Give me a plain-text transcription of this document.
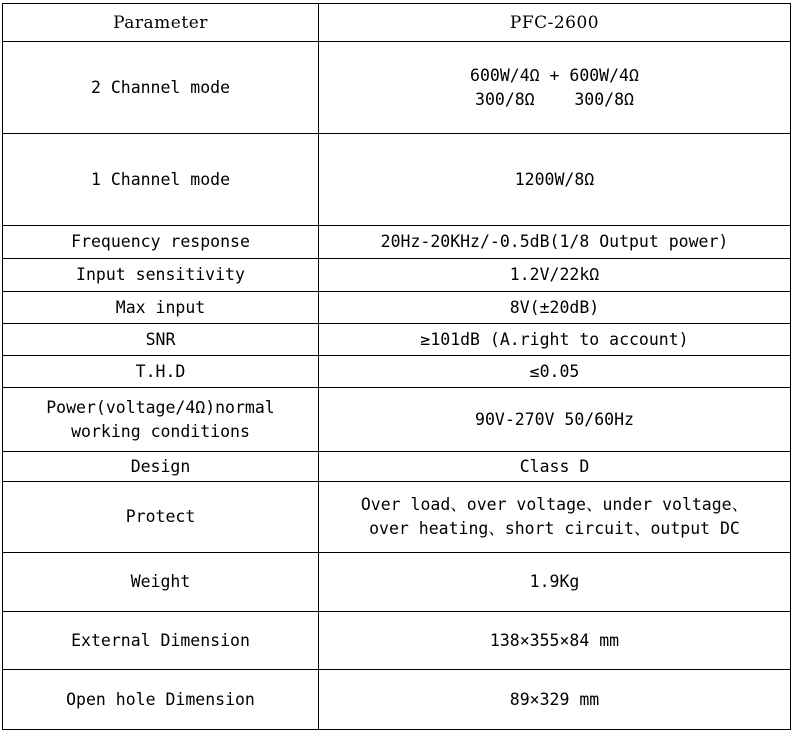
Parameter	PFC-2600
2 Channel mode	600W/4Ω + 600W/4Ω
300/8Ω    300/8Ω

1 Channel mode	1200W/8Ω
Frequency response	20Hz-20KHz/-0.5dB(1/8 Output power)
Input sensitivity	1.2V/22kΩ
Max input	8V(±20dB)
SNR	≥101dB (A.right to account)
T.H.D	≤0.05

Power(voltage/4Ω)normal
working conditions	90V-270V 50/60Hz
Design	Class D
Protect	Over load、over voltage、under voltage、
over heating、short circuit、output DC

Weight	1.9Kg
External Dimension	138×355×84 mm
Open hole Dimension	89×329 mm
